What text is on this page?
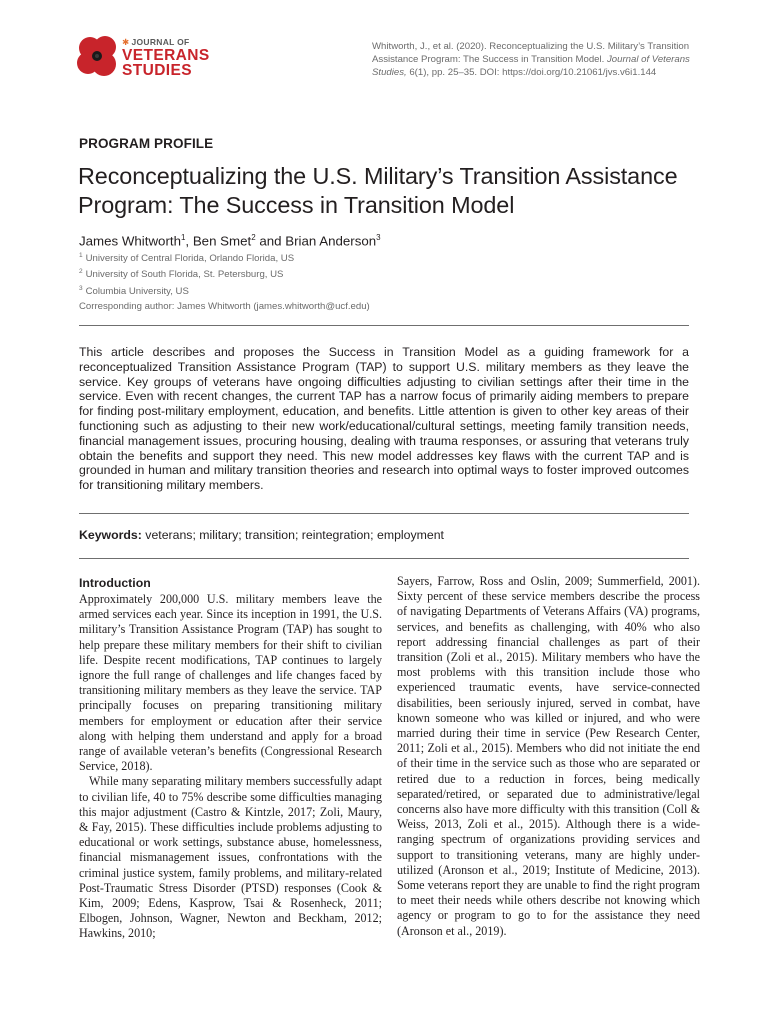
✱ JOURNAL OF
VETERANS
STUDIES
Whitworth, J., et al. (2020). Reconceptualizing the U.S. Military’s Transition Assistance Program: The Success in Transition Model. Journal of Veterans Studies, 6(1), pp. 25–35. DOI: https://doi.org/10.21061/jvs.v6i1.144
PROGRAM PROFILE
Reconceptualizing the U.S. Military’s Transition Assistance Program: The Success in Transition Model
James Whitworth$^1$, Ben Smet$^2$ and Brian Anderson$^3$
$^1$ University of Central Florida, Orlando Florida, US
$^2$ University of South Florida, St. Petersburg, US
$^3$ Columbia University, US
Corresponding author: James Whitworth (james.whitworth@ucf.edu)
This article describes and proposes the Success in Transition Model as a guiding framework for a reconceptualized Transition Assistance Program (TAP) to support U.S. military members as they leave the service. Key groups of veterans have ongoing difficulties adjusting to civilian settings after their time in the service. Even with recent changes, the current TAP has a narrow focus of primarily aiding members to prepare for finding post-military employment, education, and benefits. Little attention is given to other key areas of their functioning such as adjusting to their new work/educational/cultural settings, meeting family transition needs, financial management issues, procuring housing, dealing with trauma responses, or assuring that veterans truly obtain the benefits and support they need. This new model addresses key flaws with the current TAP and is grounded in human and military transition theories and research into optimal ways to foster improved outcomes for transitioning military members.
Keywords: veterans; military; transition; reintegration; employment
Introduction

Approximately 200,000 U.S. military members leave the armed services each year. Since its inception in 1991, the U.S. military’s Transition Assistance Program (TAP) has sought to help prepare these military members for their shift to civilian life. Despite recent modifications, TAP continues to largely ignore the full range of challenges and life changes faced by transitioning military members as they leave the service. TAP principally focuses on preparing transitioning military members for employment or education after their service along with helping them understand and apply for a broad range of available veteran’s benefits (Congressional Research Service, 2018).

While many separating military members successfully adapt to civilian life, 40 to 75% describe some difficulties managing this major adjustment (Castro & Kintzle, 2017; Zoli, Maury, & Fay, 2015). These difficulties include problems adjusting to educational or work settings, substance abuse, homelessness, financial mismanagement issues, confrontations with the criminal justice system, family problems, and military-related Post-Traumatic Stress Disorder (PTSD) responses (Cook & Kim, 2009; Edens, Kasprow, Tsai & Rosenheck, 2011; Elbogen, Johnson, Wagner, Newton and Beckham, 2012; Hawkins, 2010;

Sayers, Farrow, Ross and Oslin, 2009; Summerfield, 2001). Sixty percent of these service members describe the process of navigating Departments of Veterans Affairs (VA) programs, services, and benefits as challenging, with 40% who also report addressing financial challenges as part of their transition (Zoli et al., 2015). Military members who have the most problems with this transition include those who experienced traumatic events, have service-connected disabilities, been seriously injured, served in combat, have known someone who was killed or injured, and who were married during their time in service (Pew Research Center, 2011; Zoli et al., 2015). Members who did not initiate the end of their time in the service such as those who are separated or retired due to a reduction in forces, being medically separated/retired, or separated due to administrative/legal concerns also have more difficulty with this transition (Coll & Weiss, 2013, Zoli et al., 2015). Although there is a wide-ranging spectrum of organizations providing services and support to transitioning veterans, many are highly under-utilized (Aronson et al., 2019; Institute of Medicine, 2013). Some veterans report they are unable to find the right program to meet their needs while others describe not knowing which agency or program to go to for the assistance they need (Aronson et al., 2019).
